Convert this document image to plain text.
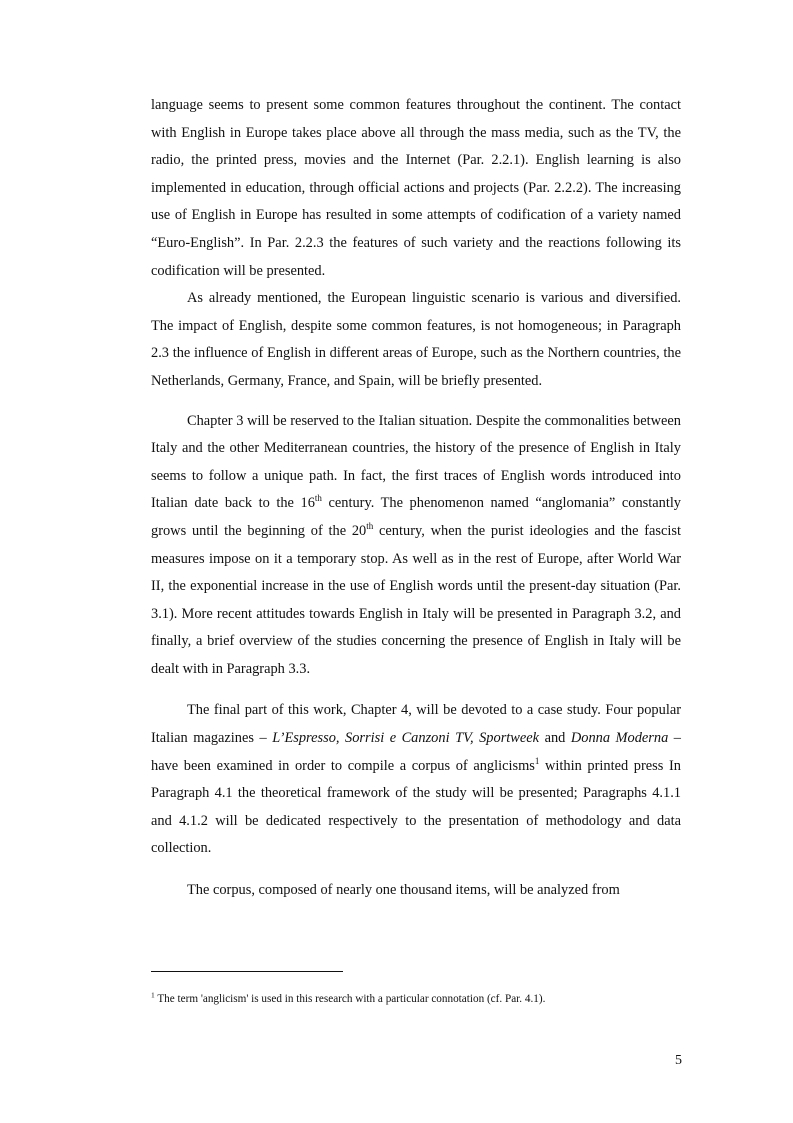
language seems to present some common features throughout the continent. The contact with English in Europe takes place above all through the mass media, such as the TV, the radio, the printed press, movies and the Internet (Par. 2.2.1). English learning is also implemented in education, through official actions and projects (Par. 2.2.2). The increasing use of English in Europe has resulted in some attempts of codification of a variety named “Euro-English”. In Par. 2.2.3 the features of such variety and the reactions following its codification will be presented.

As already mentioned, the European linguistic scenario is various and diversified. The impact of English, despite some common features, is not homogeneous; in Paragraph 2.3 the influence of English in different areas of Europe, such as the Northern countries, the Netherlands, Germany, France, and Spain, will be briefly presented.

Chapter 3 will be reserved to the Italian situation. Despite the commonalities between Italy and the other Mediterranean countries, the history of the presence of English in Italy seems to follow a unique path. In fact, the first traces of English words introduced into Italian date back to the 16th century. The phenomenon named “anglomania” constantly grows until the beginning of the 20th century, when the purist ideologies and the fascist measures impose on it a temporary stop. As well as in the rest of Europe, after World War II, the exponential increase in the use of English words until the present-day situation (Par. 3.1). More recent attitudes towards English in Italy will be presented in Paragraph 3.2, and finally, a brief overview of the studies concerning the presence of English in Italy will be dealt with in Paragraph 3.3.

The final part of this work, Chapter 4, will be devoted to a case study. Four popular Italian magazines – L’Espresso, Sorrisi e Canzoni TV, Sportweek and Donna Moderna – have been examined in order to compile a corpus of anglicisms$^1$ within printed press In Paragraph 4.1 the theoretical framework of the study will be presented; Paragraphs 4.1.1 and 4.1.2 will be dedicated respectively to the presentation of methodology and data collection.

The corpus, composed of nearly one thousand items, will be analyzed from

$^1$ The term 'anglicism' is used in this research with a particular connotation (cf. Par. 4.1).
5
